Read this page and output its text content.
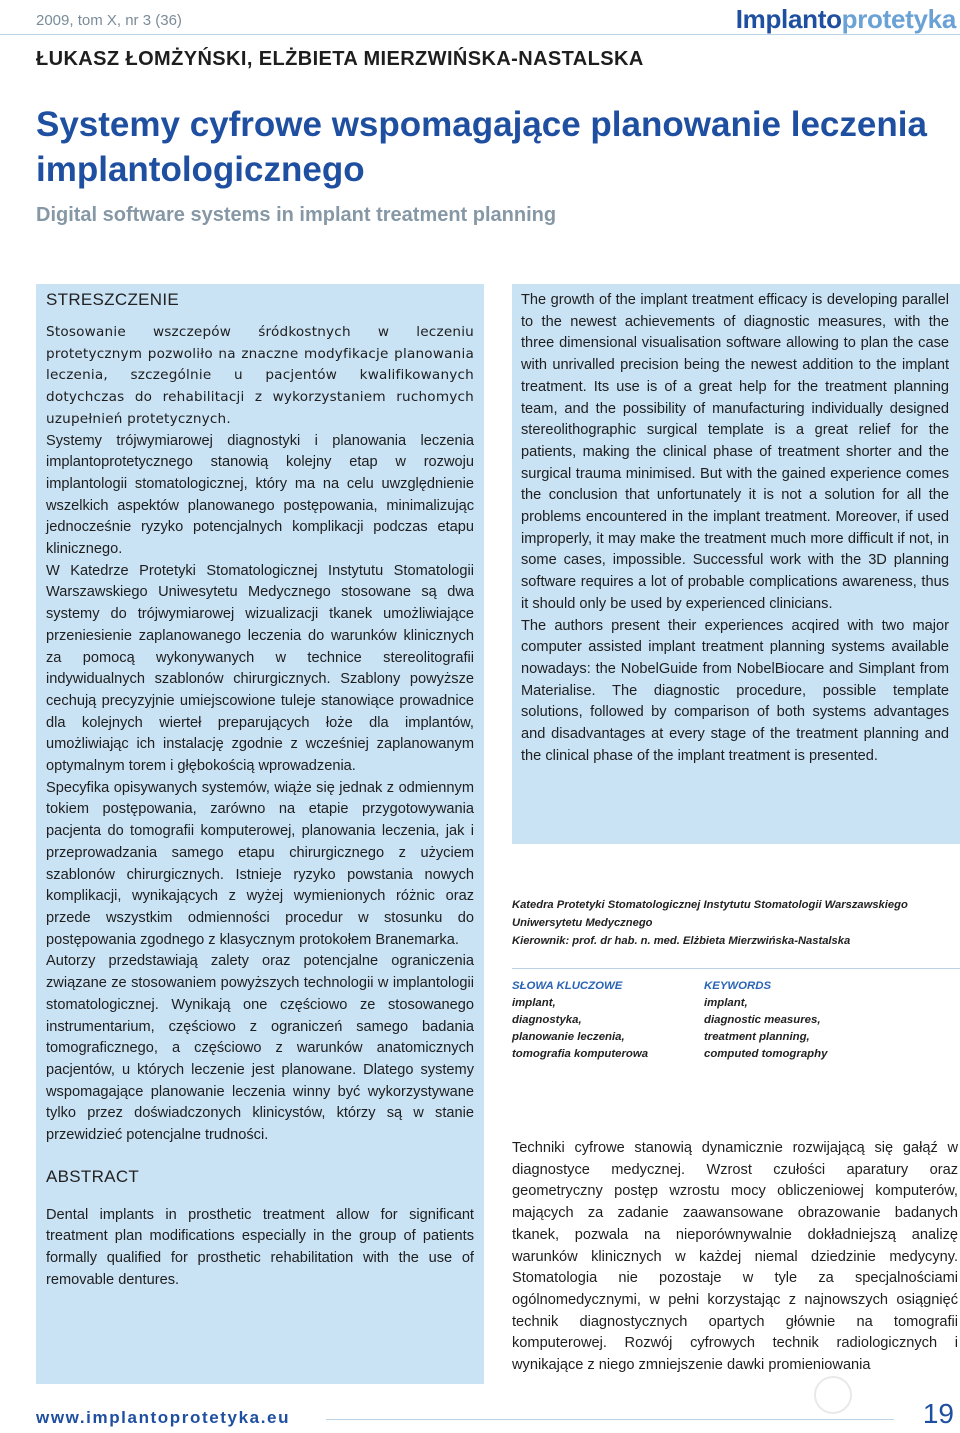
2009, tom X, nr 3 (36)	Implantoprotetyka
ŁUKASZ ŁOMŻYŃSKI, ELŻBIETA MIERZWIŃSKA-NASTALSKA
Systemy cyfrowe wspomagające planowanie leczenia implantologicznego
Digital software systems in implant treatment planning
STRESZCZENIE
Stosowanie wszczepów śródkostnych w leczeniu protetycznym pozwoliło na znaczne modyfikacje planowania leczenia, szczególnie u pacjentów kwalifikowanych dotychczas do rehabilitacji z wykorzystaniem ruchomych uzupełnień protetycznych.
Systemy trójwymiarowej diagnostyki i planowania leczenia implantoprotetycznego stanowią kolejny etap w rozwoju implantologii stomatologicznej, który ma na celu uwzględnienie wszelkich aspektów planowanego postępowania, minimalizując jednocześnie ryzyko potencjalnych komplikacji podczas etapu klinicznego.
W Katedrze Protetyki Stomatologicznej Instytutu Stomatologii Warszawskiego Uniwesytetu Medycznego stosowane są dwa systemy do trójwymiarowej wizualizacji tkanek umożliwiające przeniesienie zaplanowanego leczenia do warunków klinicznych za pomocą wykonywanych w technice stereolitografii indywidualnych szablonów chirurgicznych. Szablony powyższe cechują precyzyjnie umiejscowione tuleje stanowiące prowadnice dla kolejnych wierteł preparujących łoże dla implantów, umożliwiając ich instalację zgodnie z wcześniej zaplanowanym optymalnym torem i głębokością wprowadzenia.
Specyfika opisywanych systemów, wiąże się jednak z odmiennym tokiem postępowania, zarówno na etapie przygotowywania pacjenta do tomografii komputerowej, planowania leczenia, jak i przeprowadzania samego etapu chirurgicznego z użyciem szablonów chirurgicznych. Istnieje ryzyko powstania nowych komplikacji, wynikających z wyżej wymienionych różnic oraz przede wszystkim odmienności procedur w stosunku do postępowania zgodnego z klasycznym protokołem Branemarka.
Autorzy przedstawiają zalety oraz potencjalne ograniczenia związane ze stosowaniem powyższych technologii w implantologii stomatologicznej. Wynikają one częściowo ze stosowanego instrumentarium, częściowo z ograniczeń samego badania tomograficznego, a częściowo z warunków anatomicznych pacjentów, u których leczenie jest planowane. Dlatego systemy wspomagające planowanie leczenia winny być wykorzystywane tylko przez doświadczonych klinicystów, którzy są w stanie przewidzieć potencjalne trudności.
ABSTRACT
Dental implants in prosthetic treatment allow for significant treatment plan modifications especially in the group of patients formally qualified for prosthetic rehabilitation with the use of removable dentures.
The growth of the implant treatment efficacy is developing parallel to the newest achievements of diagnostic measures, with the three dimensional visualisation software allowing to plan the case with unrivalled precision being the newest addition to the implant treatment. Its use is of a great help for the treatment planning team, and the possibility of manufacturing individually designed stereolithographic surgical template is a great relief for the patients, making the clinical phase of treatment shorter and the surgical trauma minimised. But with the gained experience comes the conclusion that unfortunately it is not a solution for all the problems encountered in the implant treatment. Moreover, if used improperly, it may make the treatment much more difficult if not, in some cases, impossible. Successful work with the 3D planning software requires a lot of probable complications awareness, thus it should only be used by experienced clinicians.
The authors present their experiences acqired with two major computer assisted implant treatment planning systems available nowadays: the NobelGuide from NobelBiocare and Simplant from Materialise. The diagnostic procedure, possible template solutions, followed by comparison of both systems advantages and disadvantages at every stage of the treatment planning and the clinical phase of the implant treatment is presented.
Katedra Protetyki Stomatologicznej Instytutu Stomatologii Warszawskiego Uniwersytetu Medycznego
Kierownik: prof. dr hab. n. med. Elżbieta Mierzwińska-Nastalska
SŁOWA KLUCZOWE
implant,
diagnostyka,
planowanie leczenia,
tomografia komputerowa
KEYWORDS
implant,
diagnostic measures,
treatment planning,
computed tomography
Techniki cyfrowe stanowią dynamicznie rozwijającą się gałąź w diagnostyce medycznej. Wzrost czułości aparatury oraz geometryczny postęp wzrostu mocy obliczeniowej komputerów, mających za zadanie zaawansowane obrazowanie badanych tkanek, pozwala na nieporównywalnie dokładniejszą analizę warunków klinicznych w każdej niemal dziedzinie medycyny. Stomatologia nie pozostaje w tyle za specjalnościami ogólnomedycznymi, w pełni korzystając z najnowszych osiągnięć technik diagnostycznych opartych głównie na tomografii komputerowej. Rozwój cyfrowych technik radiologicznych i wynikające z niego zmniejszenie dawki promieniowania
www.implantoprotetyka.eu	19
